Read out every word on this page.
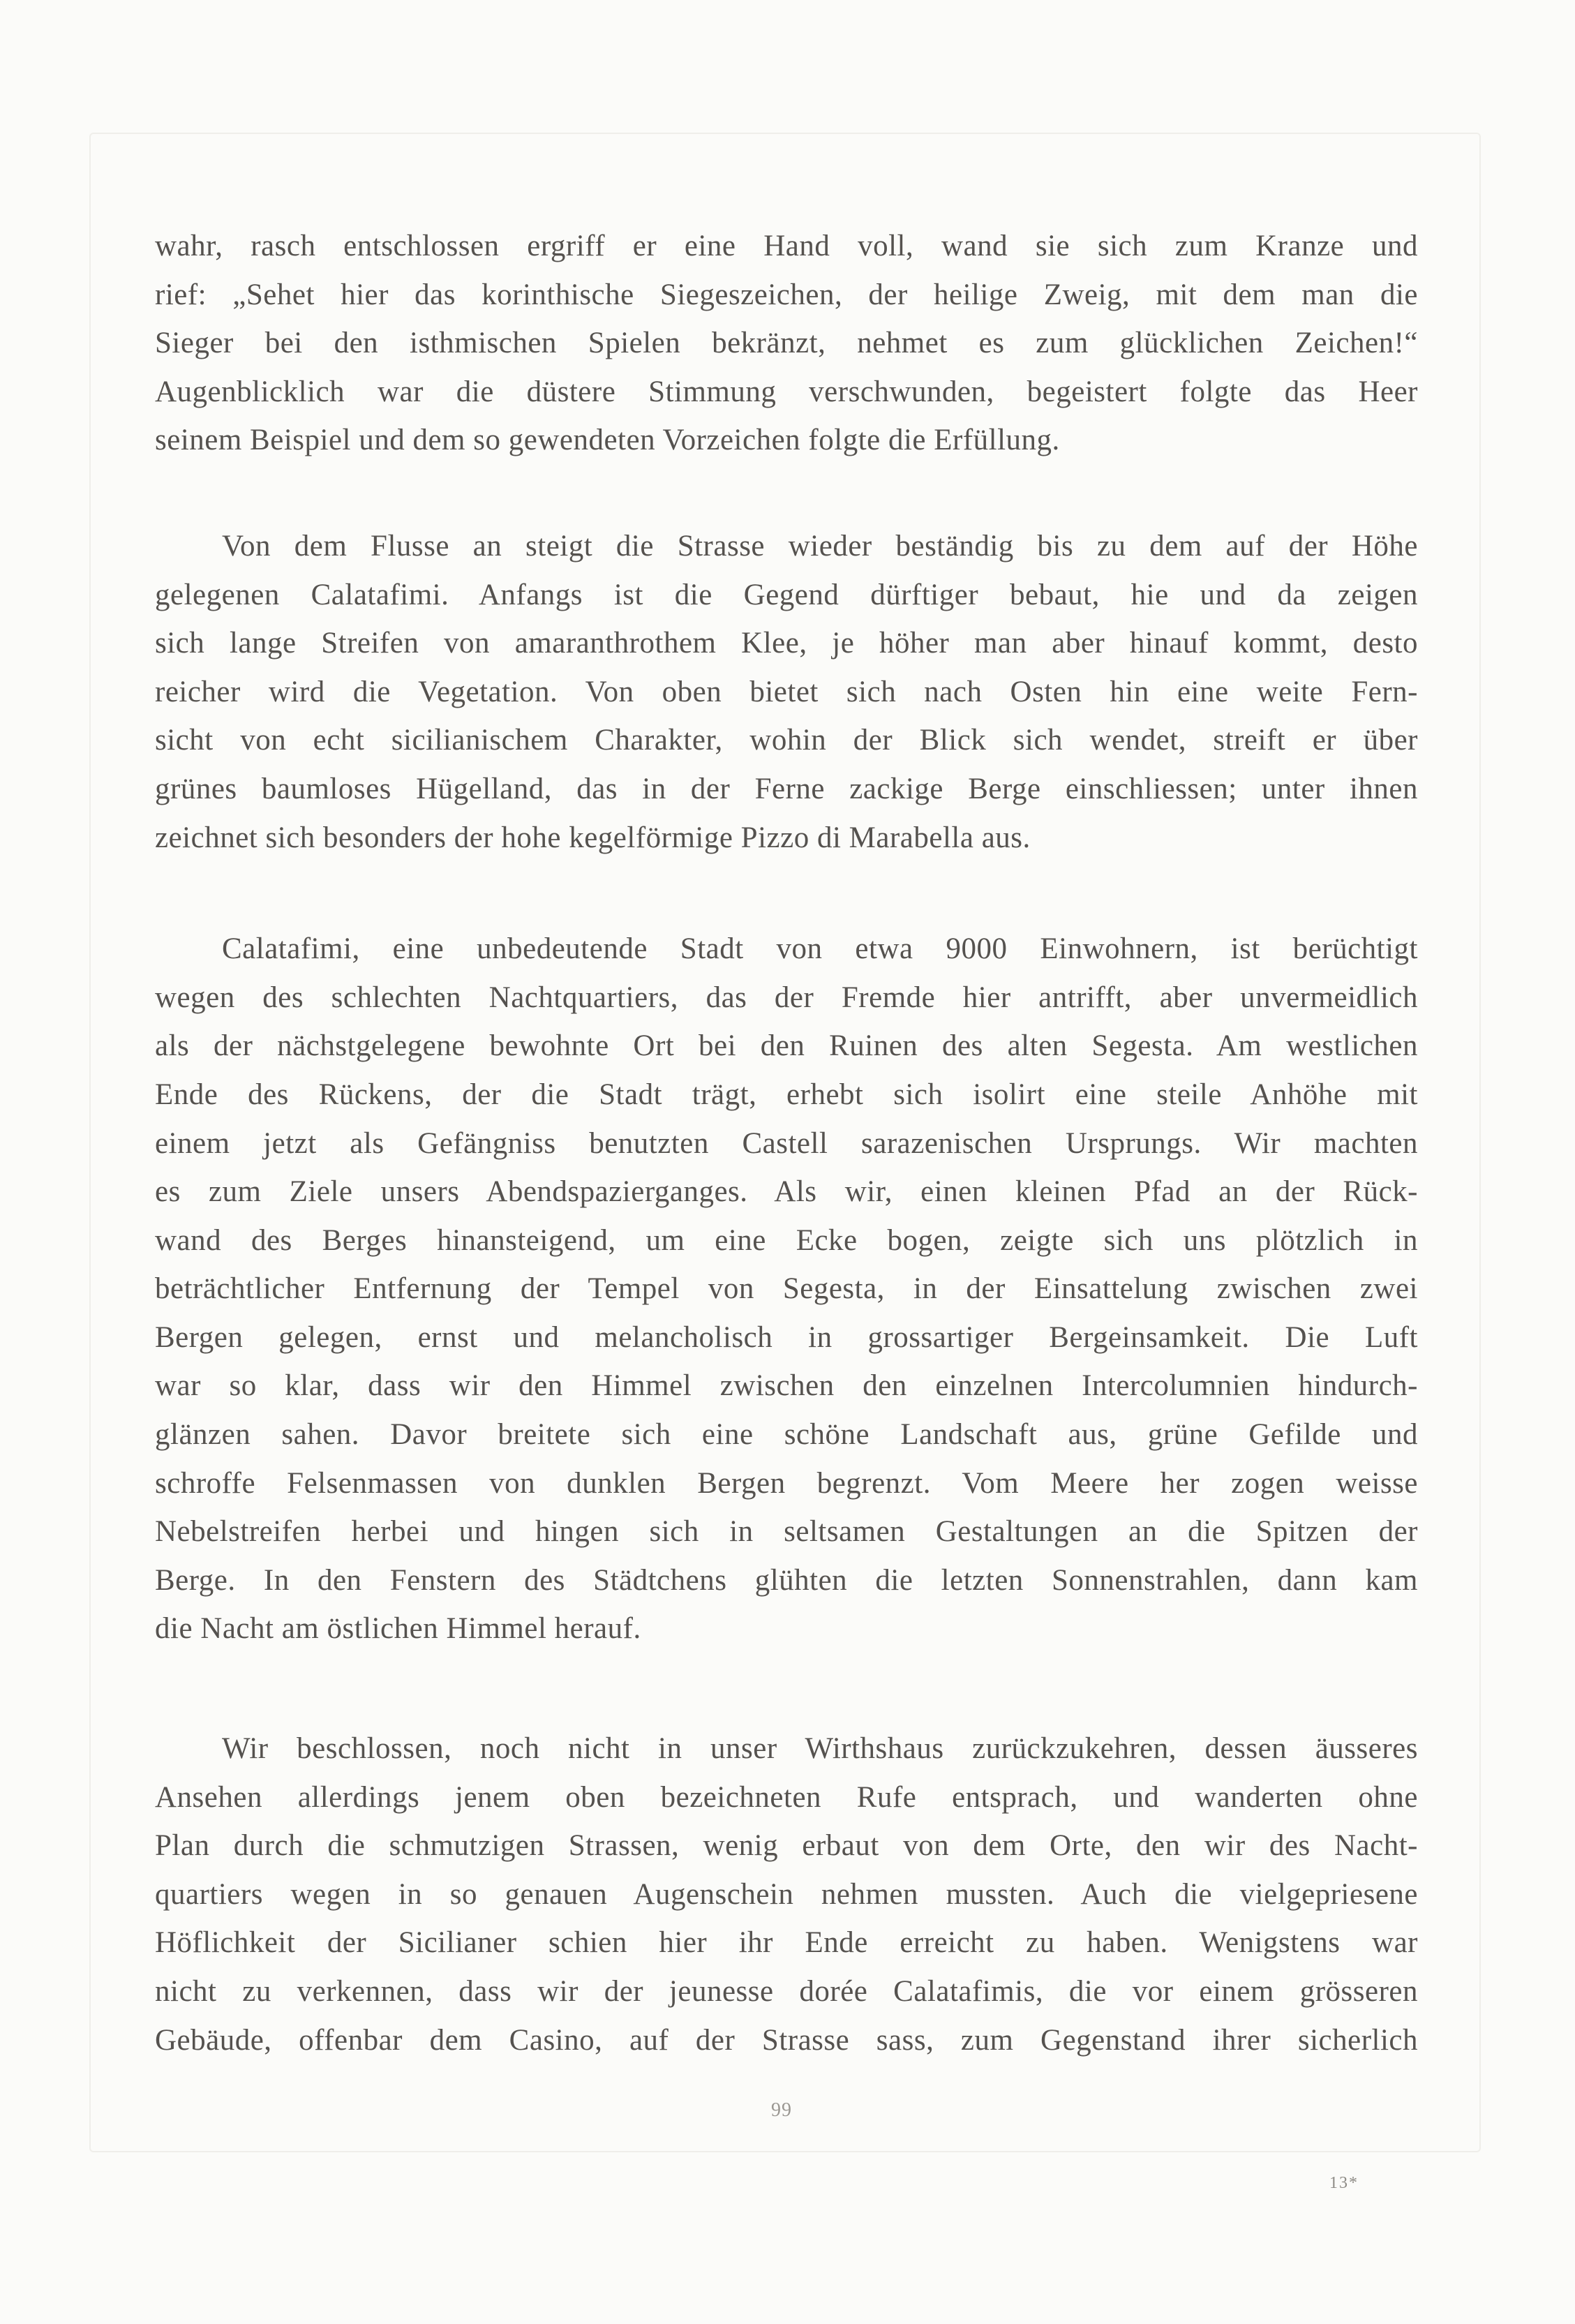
wahr, rasch entschlossen ergriff er eine Hand voll, wand sie sich zum Kranze und
rief: „Sehet hier das korinthische Siegeszeichen, der heilige Zweig, mit dem man die
Sieger bei den isthmischen Spielen bekränzt, nehmet es zum glücklichen Zeichen!“
Augenblicklich war die düstere Stimmung verschwunden, begeistert folgte das Heer
seinem Beispiel und dem so gewendeten Vorzeichen folgte die Erfüllung.
Von dem Flusse an steigt die Strasse wieder beständig bis zu dem auf der Höhe
gelegenen Calatafimi. Anfangs ist die Gegend dürftiger bebaut, hie und da zeigen
sich lange Streifen von amaranthrothem Klee, je höher man aber hinauf kommt, desto
reicher wird die Vegetation. Von oben bietet sich nach Osten hin eine weite Fern-
sicht von echt sicilianischem Charakter, wohin der Blick sich wendet, streift er über
grünes baumloses Hügelland, das in der Ferne zackige Berge einschliessen; unter ihnen
zeichnet sich besonders der hohe kegelförmige Pizzo di Marabella aus.
Calatafimi, eine unbedeutende Stadt von etwa 9000 Einwohnern, ist berüchtigt
wegen des schlechten Nachtquartiers, das der Fremde hier antrifft, aber unvermeidlich
als der nächstgelegene bewohnte Ort bei den Ruinen des alten Segesta. Am westlichen
Ende des Rückens, der die Stadt trägt, erhebt sich isolirt eine steile Anhöhe mit
einem jetzt als Gefängniss benutzten Castell sarazenischen Ursprungs. Wir machten
es zum Ziele unsers Abendspazierganges. Als wir, einen kleinen Pfad an der Rück-
wand des Berges hinansteigend, um eine Ecke bogen, zeigte sich uns plötzlich in
beträchtlicher Entfernung der Tempel von Segesta, in der Einsattelung zwischen zwei
Bergen gelegen, ernst und melancholisch in grossartiger Bergeinsamkeit. Die Luft
war so klar, dass wir den Himmel zwischen den einzelnen Intercolumnien hindurch-
glänzen sahen. Davor breitete sich eine schöne Landschaft aus, grüne Gefilde und
schroffe Felsenmassen von dunklen Bergen begrenzt. Vom Meere her zogen weisse
Nebelstreifen herbei und hingen sich in seltsamen Gestaltungen an die Spitzen der
Berge. In den Fenstern des Städtchens glühten die letzten Sonnenstrahlen, dann kam
die Nacht am östlichen Himmel herauf.
Wir beschlossen, noch nicht in unser Wirthshaus zurückzukehren, dessen äusseres
Ansehen allerdings jenem oben bezeichneten Rufe entsprach, und wanderten ohne
Plan durch die schmutzigen Strassen, wenig erbaut von dem Orte, den wir des Nacht-
quartiers wegen in so genauen Augenschein nehmen mussten. Auch die vielgepriesene
Höflichkeit der Sicilianer schien hier ihr Ende erreicht zu haben. Wenigstens war
nicht zu verkennen, dass wir der jeunesse dorée Calatafimis, die vor einem grösseren
Gebäude, offenbar dem Casino, auf der Strasse sass, zum Gegenstand ihrer sicherlich
99
13*
